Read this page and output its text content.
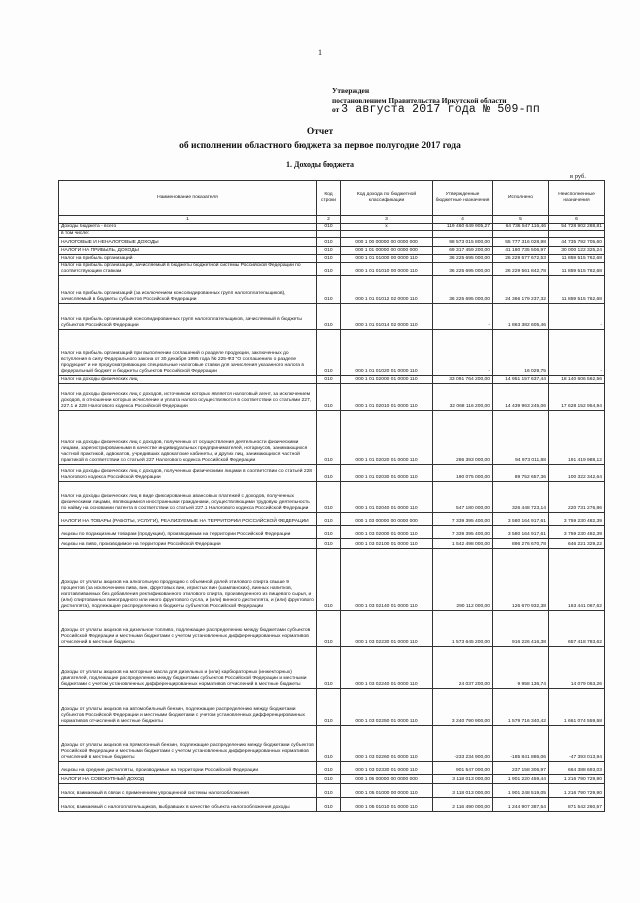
1
Утвержден
постановлением Правительства Иркутской области
от 3 августа 2017 года № 509-пп
Отчет
об исполнении областного бюджета за первое полугодие 2017 года
1. Доходы бюджета
в руб.
Наименование показателя	Код строки	Код дохода по бюджетной классификации	Утвержденные бюджетные назначения	Исполнено	Неисполненные назначения
1	2	3	4	5	6
Доходы бюджета - всего	010	x	119 460 649 905,27	64 736 547 116,46	54 728 902 288,81
в том числе:					
НАЛОГОВЫЕ И НЕНАЛОГОВЫЕ ДОХОДЫ	010	000 1 00 00000 00 0000 000	98 573 015 800,00	55 777 316 028,98	44 735 792 705,60
НАЛОГИ НА ПРИБЫЛЬ, ДОХОДЫ	010	000 1 01 00000 00 0000 000	69 317 459 200,00	41 180 735 506,97	30 000 122 325,24
Налог на прибыль организаций	010	000 1 01 01000 00 0000 110	36 225 695 000,00	26 229 577 672,53	11 859 515 762,68
Налог на прибыль организаций, зачисляемый в бюджеты бюджетной системы Российской Федерации по соответствующим ставкам	010	000 1 01 01010 00 0000 110	36 225 695 000,00	26 229 561 842,78	11 859 515 762,68
Налог на прибыль организаций (за исключением консолидированных групп налогоплательщиков), зачисляемый в бюджеты субъектов Российской Федерации	010	000 1 01 01012 02 0000 110	36 225 695 000,00	24 366 179 237,32	11 859 515 762,68
Налог на прибыль организаций консолидированных групп налогоплательщиков, зачисляемый в бюджеты субъектов Российской Федерации	010	000 1 01 01014 02 0000 110	-	1 863 382 605,46	-
Налог на прибыль организаций при выполнении соглашений о разделе продукции, заключенных до вступления в силу Федерального закона от 30 декабря 1995 года № 225-ФЗ "О соглашениях о разделе продукции" и не предусматривающих специальные налоговые ставки для зачисления указанного налога в федеральный бюджет и бюджеты субъектов Российской Федерации	010	000 1 01 01020 01 0000 110	-	16 029,75	-
Налог на доходы физических лиц	010	000 1 01 02000 01 0000 110	33 091 764 200,00	14 951 157 637,44	18 140 606 562,56
Налог на доходы физических лиц с доходов, источником которых является налоговый агент, за исключением доходов, в отношении которых исчисление и уплата налога осуществляются в соответствии со статьями 227, 227.1 и 228 Налогового кодекса Российской Федерации	010	000 1 01 02010 01 0000 110	32 068 116 200,00	14 439 963 245,06	17 628 152 954,94
Налог на доходы физических лиц с доходов, полученных от осуществления деятельности физическими лицами, зарегистрированными в качестве индивидуальных предпринимателей, нотариусов, занимающихся частной практикой, адвокатов, учредивших адвокатские кабинеты, и других лиц, занимающихся частной практикой в соответствии со статьей 227 Налогового кодекса Российской Федерации	010	000 1 01 02020 01 0000 110	286 393 000,00	94 973 011,88	191 419 988,12
Налог на доходы физических лиц с доходов, полученных физическими лицами в соответствии со статьей 228 Налогового кодекса Российской Федерации	010	000 1 01 02030 01 0000 110	190 075 000,00	89 752 657,36	100 322 342,64
Налог на доходы физических лиц в виде фиксированных авансовых платежей с доходов, полученных физическими лицами, являющимися иностранными гражданами, осуществляющими трудовую деятельность по найму на основании патента в соответствии со статьей 227.1 Налогового кодекса Российской Федерации	010	000 1 01 02040 01 0000 110	547 180 000,00	326 448 723,14	220 731 276,86
НАЛОГИ НА ТОВАРЫ (РАБОТЫ, УСЛУГИ), РЕАЛИЗУЕМЫЕ НА ТЕРРИТОРИИ РОССИЙСКОЙ ФЕДЕРАЦИИ	010	000 1 03 00000 00 0000 000	7 339 395 400,00	3 580 164 917,61	3 759 230 482,39
Акцизы по подакцизным товарам (продукции), производимым на территории Российской Федерации	010	000 1 03 02000 01 0000 110	7 339 395 400,00	3 580 164 917,61	3 759 230 482,39
Акцизы на пиво, производимое на территории Российской Федерации	010	000 1 03 02100 01 0000 110	1 542 498 000,00	896 276 670,78	646 221 329,22
Доходы от уплаты акцизов на алкогольную продукцию с объемной долей этилового спирта свыше 9 процентов (за исключением пива, вин, фруктовых вин, игристых вин (шампанских), винных напитков, изготавливаемых без добавления ректификованного этилового спирта, произведенного из пищевого сырья, и (или) спиртованных виноградного или иного фруктового сусла, и (или) винного дистиллята, и (или) фруктового дистиллята), подлежащие распределению в бюджеты субъектов Российской Федерации	010	000 1 03 02140 01 0000 110	290 112 000,00	126 670 932,38	163 441 067,62
Доходы от уплаты акцизов на дизельное топливо, подлежащие распределению между бюджетами субъектов Российской Федерации и местными бюджетами с учетом установленных дифференцированных нормативов отчислений в местные бюджеты	010	000 1 03 02230 01 0000 110	1 573 645 200,00	916 226 416,38	657 418 783,62
Доходы от уплаты акцизов на моторные масла для дизельных и (или) карбюраторных (инжекторных) двигателей, подлежащие распределению между бюджетами субъектов Российской Федерации и местными бюджетами с учетом установленных дифференцированных нормативов отчислений в местные бюджеты	010	000 1 03 02240 01 0000 110	24 037 200,00	9 958 136,74	14 079 063,26
Доходы от уплаты акцизов на автомобильный бензин, подлежащие распределению между бюджетами субъектов Российской Федерации и местными бюджетами с учетом установленных дифференцированных нормативов отчислений в местные бюджеты	010	000 1 03 02250 01 0000 110	3 240 790 900,00	1 579 716 340,42	1 661 074 559,58
Доходы от уплаты акцизов на прямогонный бензин, подлежащие распределению между бюджетами субъектов Российской Федерации и местными бюджетами с учетом установленных дифференцированных нормативов отчислений в местные бюджеты	010	000 1 03 02260 01 0000 110	-233 234 900,00	-185 841 886,06	-47 393 013,94
Акцизы на средние дистилляты, производимые на территории Российской Федерации	010	000 1 03 02330 01 0000 110	901 547 000,00	237 158 306,97	664 388 693,03
НАЛОГИ НА СОВОКУПНЫЙ ДОХОД	010	000 1 05 00000 00 0000 000	3 118 013 000,00	1 901 220 459,44	1 216 790 729,90
Налог, взимаемый в связи с применением упрощенной системы налогообложения	010	000 1 05 01000 00 0000 110	3 118 013 000,00	1 901 248 519,05	1 216 790 729,90
Налог, взимаемый с налогоплательщиков, выбравших в качестве объекта налогообложения доходы	010	000 1 05 01010 01 0000 110	2 116 490 000,00	1 244 907 387,54	871 542 260,57
